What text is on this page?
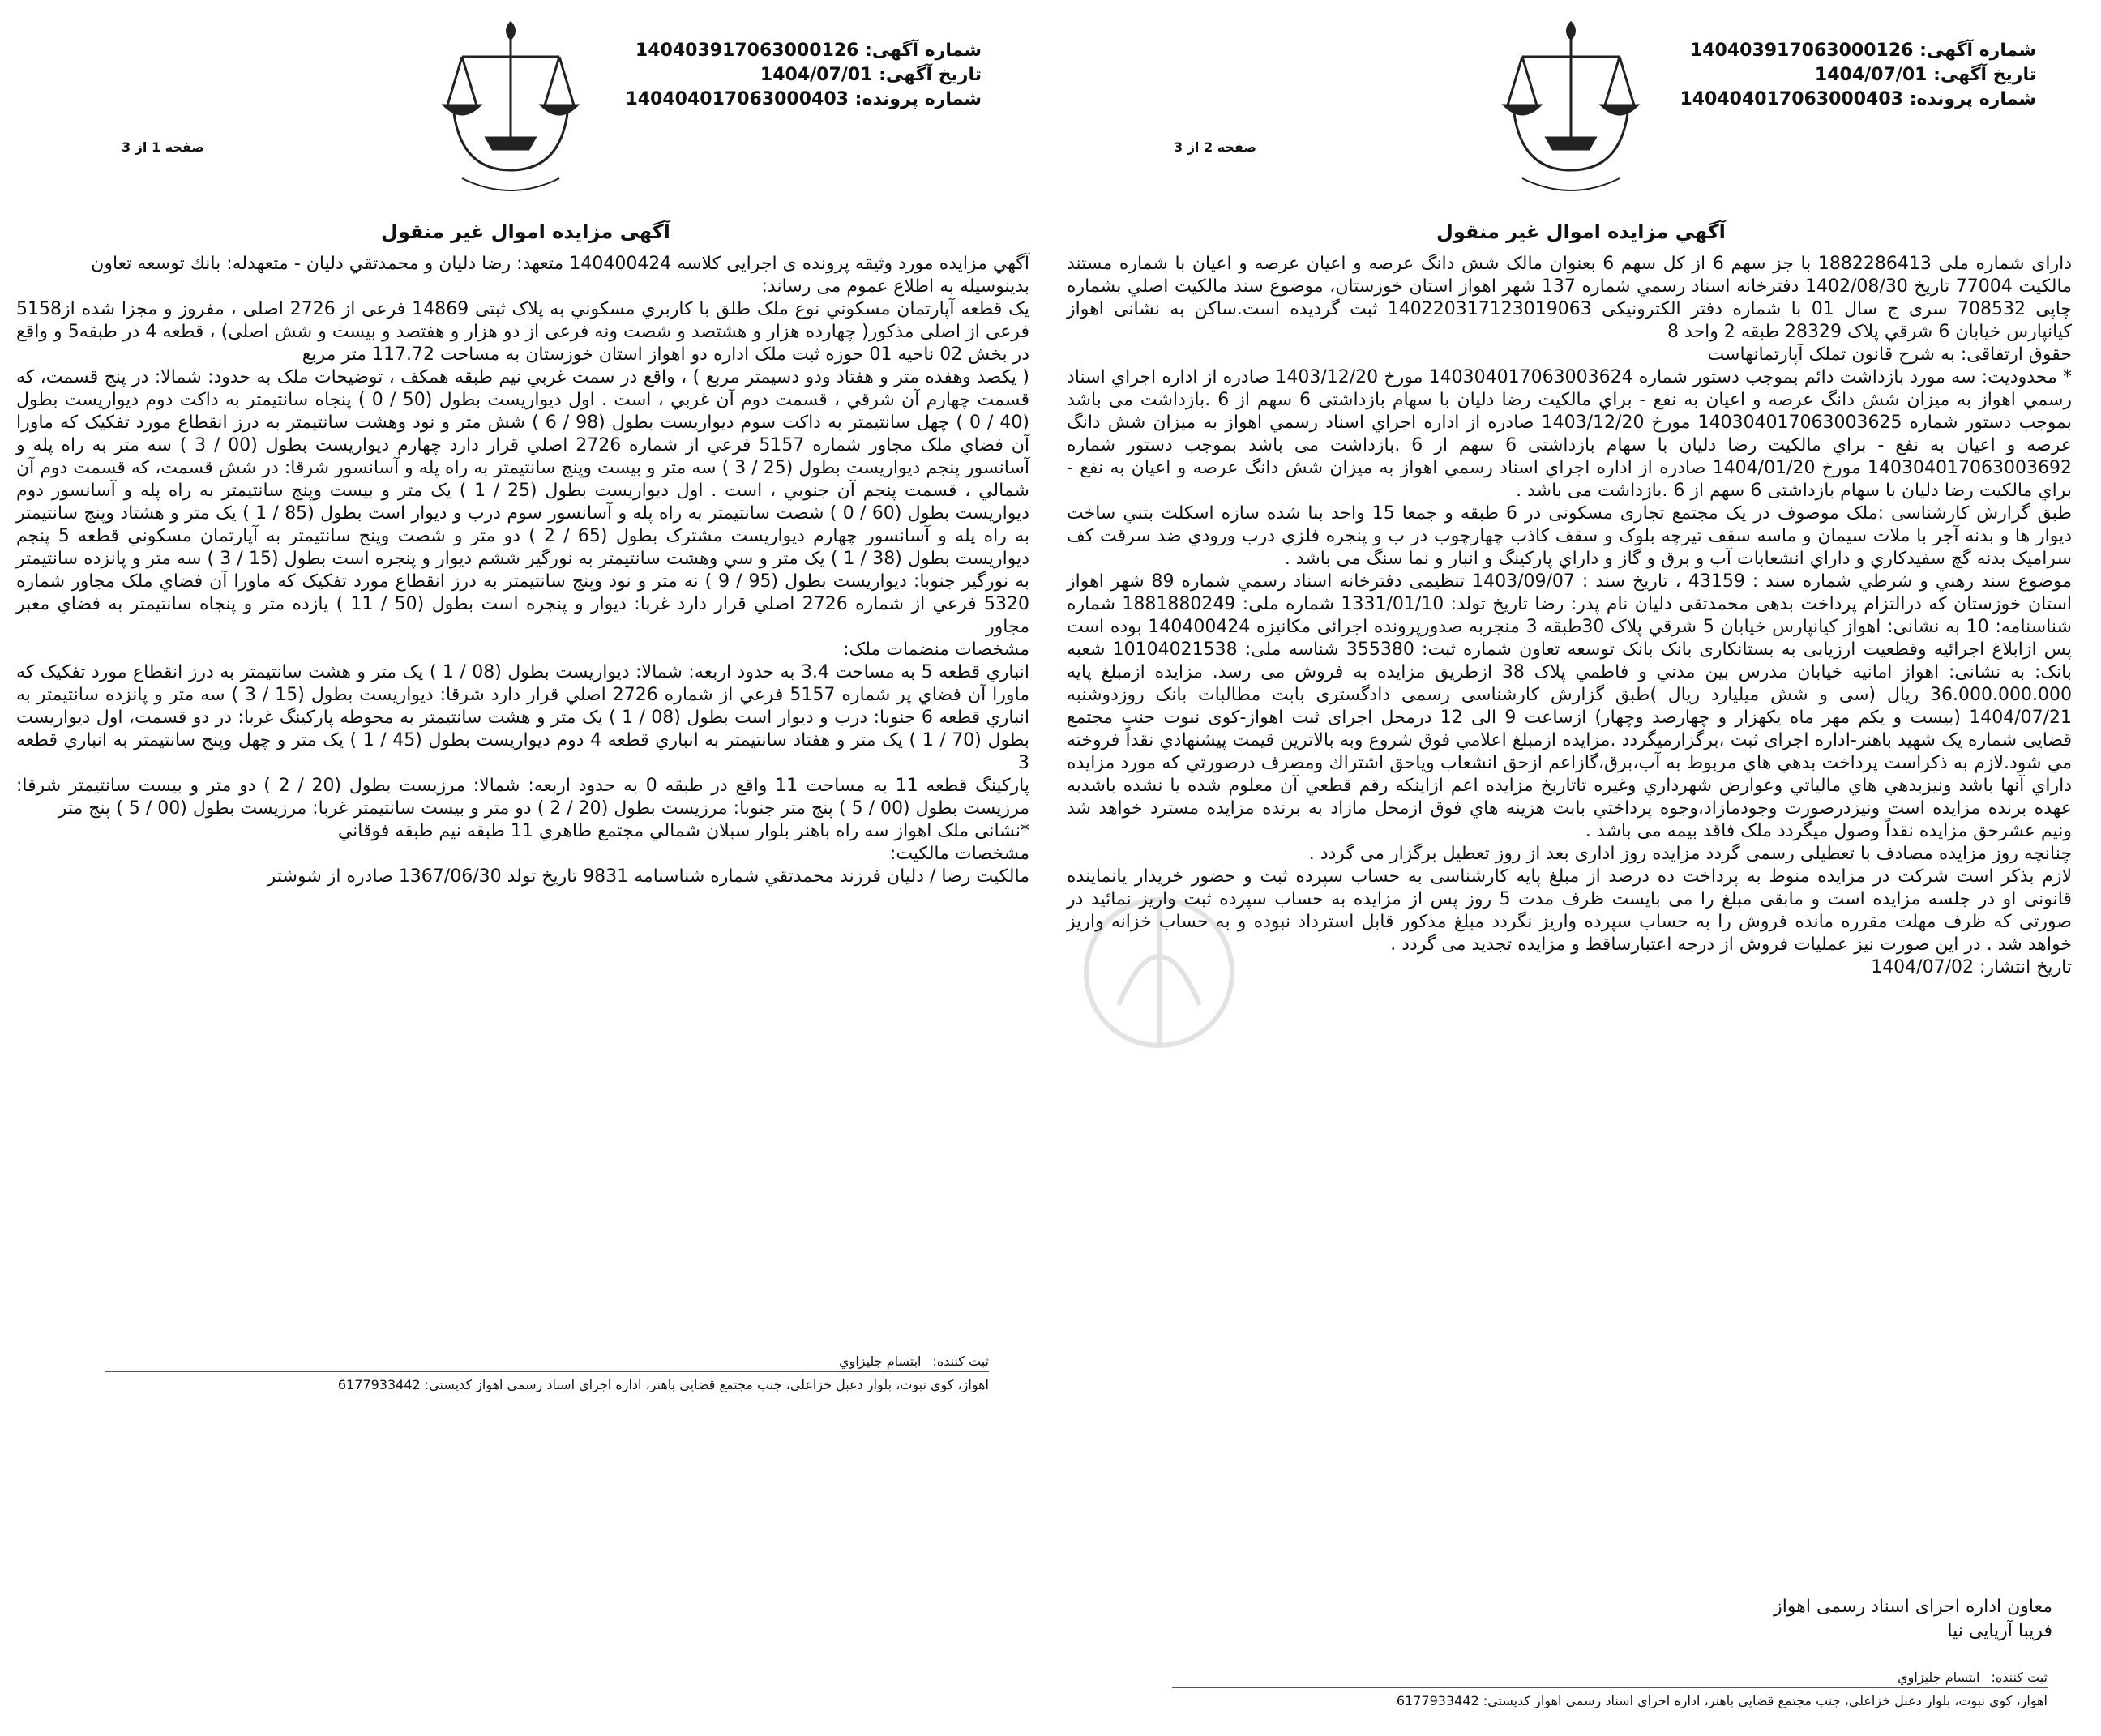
شماره آگهی: 140403917063000126
تاریخ آگهی: 1404/07/01
شماره پرونده: 140404017063000403
صفحه 1 از 3
آگهی مزایده اموال غیر منقول

آگهي مزايده مورد وثيقه پرونده ی اجرايی كلاسه 140400424 متعهد: رضا دليان و محمدتقي دليان - متعهدله: بانك توسعه تعاون

بدينوسيله به اطلاع عموم می رساند:

يک قطعه آپارتمان مسكوني نوع ملک طلق با كاربري مسكوني به پلاک ثبتی 14869 فرعی از 2726 اصلی ، مفروز و مجزا شده از5158 فرعی از اصلی مذكور( چهارده هزار و هشتصد و شصت ونه فرعی از دو هزار و هفتصد و بيست و شش اصلی) ، قطعه 4 در طبقه5 و واقع در بخش 02 ناحيه 01 حوزه ثبت ملک اداره دو اهواز استان خوزستان به مساحت 117.72 متر مربع

( يكصد وهفده متر و هفتاد ودو دسيمتر مربع ) ، واقع در سمت غربي نيم طبقه همكف ، توضيحات ملک به حدود: شمالا: در پنج قسمت، كه قسمت چهارم آن شرقي ، قسمت دوم آن غربي ، است . اول ديواريست بطول (50 / 0 ) پنجاه سانتيمتر به داكت دوم ديواريست بطول (40 / 0 ) چهل سانتيمتر به داكت سوم ديواريست بطول (98 / 6 ) شش متر و نود وهشت سانتيمتر به درز انقطاع مورد تفكيک كه ماورا آن فضاي ملک مجاور شماره 5157 فرعي از شماره 2726 اصلي قرار دارد چهارم ديواريست بطول (00 / 3 ) سه متر به راه پله و آسانسور پنجم ديواريست بطول (25 / 3 ) سه متر و بيست وپنج سانتيمتر به راه پله و آسانسور شرقا: در شش قسمت، كه قسمت دوم آن شمالي ، قسمت پنجم آن جنوبي ، است . اول ديواريست بطول (25 / 1 ) يک متر و بيست وپنج سانتيمتر به راه پله و آسانسور دوم ديواريست بطول (60 / 0 ) شصت سانتيمتر به راه پله و آسانسور سوم درب و ديوار است بطول (85 / 1 ) يک متر و هشتاد وپنج سانتيمتر به راه پله و آسانسور چهارم ديواريست مشترک بطول (65 / 2 ) دو متر و شصت وپنج سانتيمتر به آپارتمان مسكوني قطعه 5 پنجم ديواريست بطول (38 / 1 ) يک متر و سي وهشت سانتيمتر به نورگير ششم ديوار و پنجره است بطول (15 / 3 ) سه متر و پانزده سانتيمتر به نورگير جنوبا: ديواريست بطول (95 / 9 ) نه متر و نود وپنج سانتيمتر به درز انقطاع مورد تفكيک كه ماورا آن فضاي ملک مجاور شماره 5320 فرعي از شماره 2726 اصلي قرار دارد غربا: ديوار و پنجره است بطول (50 / 11 ) يازده متر و پنجاه سانتيمتر به فضاي معبر مجاور

مشخصات منضمات ملک:

انباري قطعه 5 به مساحت 3.4 به حدود اربعه: شمالا: ديواريست بطول (08 / 1 ) يک متر و هشت سانتيمتر به درز انقطاع مورد تفكيک كه ماورا آن فضاي پر شماره 5157 فرعي از شماره 2726 اصلي قرار دارد شرقا: ديواريست بطول (15 / 3 ) سه متر و پانزده سانتيمتر به انباري قطعه 6 جنوبا: درب و ديوار است بطول (08 / 1 ) يک متر و هشت سانتيمتر به محوطه پاركينگ غربا: در دو قسمت، اول ديواريست بطول (70 / 1 ) يک متر و هفتاد سانتيمتر به انباري قطعه 4 دوم ديواريست بطول (45 / 1 ) يک متر و چهل وپنج سانتيمتر به انباري قطعه 3

پاركينگ قطعه 11 به مساحت 11 واقع در طبقه 0 به حدود اربعه: شمالا: مرزيست بطول (20 / 2 ) دو متر و بيست سانتيمتر شرقا: مرزيست بطول (00 / 5 ) پنج متر جنوبا: مرزيست بطول (20 / 2 ) دو متر و بيست سانتيمتر غربا: مرزيست بطول (00 / 5 ) پنج متر

*نشانی ملک اهواز سه راه باهنر بلوار سبلان شمالي مجتمع طاهري 11 طبقه نيم طبقه فوقاني

مشخصات مالكيت:

مالكيت رضا / دليان فرزند محمدتقي شماره شناسنامه 9831 تاريخ تولد 1367/06/30 صادره از شوشتر

ثبت كننده:
ابتسام جليزاوي
اهواز، كوي نبوت، بلوار دعبل خزاعلي، جنب مجتمع قضايي باهنر، اداره اجراي اسناد رسمي اهواز كدپستي: 6177933442
شماره آگهی: 140403917063000126
تاریخ آگهی: 1404/07/01
شماره پرونده: 140404017063000403
صفحه 2 از 3
آگهي مزايده اموال غير منقول

دارای شماره ملی 1882286413 با جز سهم 6 از كل سهم 6 بعنوان مالک شش دانگ عرصه و اعيان عرصه و اعيان با شماره مستند مالكيت 77004 تاريخ 1402/08/30 دفترخانه اسناد رسمي شماره 137 شهر اهواز استان خوزستان، موضوع سند مالكيت اصلي بشماره چاپی 708532 سری ج سال 01 با شماره دفتر الكترونيكی 140220317123019063 ثبت گرديده است.ساكن به نشانی اهواز كيانپارس خيابان 6 شرقي پلاک 28329 طبقه 2 واحد 8

حقوق ارتفاقی: به شرح قانون تملک آپارتمانهاست

* محدوديت: سه مورد بازداشت دائم بموجب دستور شماره 140304017063003624 مورخ 1403/12/20 صادره از اداره اجراي اسناد رسمي اهواز به ميزان شش دانگ عرصه و اعيان به نفع - براي مالكيت رضا دليان با سهام بازداشتی 6 سهم از 6 .بازداشت می باشد بموجب دستور شماره 140304017063003625 مورخ 1403/12/20 صادره از اداره اجراي اسناد رسمي اهواز به ميزان شش دانگ عرصه و اعيان به نفع - براي مالكيت رضا دليان با سهام بازداشتی 6 سهم از 6 .بازداشت می باشد بموجب دستور شماره 140304017063003692 مورخ 1404/01/20 صادره از اداره اجراي اسناد رسمي اهواز به ميزان شش دانگ عرصه و اعيان به نفع - براي مالكيت رضا دليان با سهام بازداشتی 6 سهم از 6 .بازداشت می باشد .

طبق گزارش كارشناسی :ملک موصوف در يک مجتمع تجاری مسكونی در 6 طبقه و جمعا 15 واحد بنا شده سازه اسكلت بتني ساخت ديوار ها و بدنه آجر با ملات سيمان و ماسه سقف تيرچه بلوک و سقف كاذب چهارچوب در ب و پنجره فلزي درب ورودي ضد سرقت كف سراميک بدنه گچ سفيدكاري و داراي انشعابات آب و برق و گاز و داراي پاركينگ و انبار و نما سنگ می باشد .

موضوع سند رهني و شرطي شماره سند : 43159 ، تاريخ سند : 1403/09/07 تنظيمی دفترخانه اسناد رسمي شماره 89 شهر اهواز استان خوزستان كه درالتزام پرداخت بدهی محمدتقی دليان نام پدر: رضا تاريخ تولد: 1331/01/10 شماره ملی: 1881880249 شماره شناسنامه: 10 به نشانی: اهواز كيانپارس خيابان 5 شرقي پلاک 30طبقه 3 منجربه صدورپرونده اجرائی مكانيزه 140400424 بوده است پس ازابلاغ اجرائيه وقطعيت ارزيابی به بستانكاری بانک بانک توسعه تعاون شماره ثبت: 355380 شناسه ملی: 10104021538 شعبه بانک: به نشانی: اهواز امانيه خيابان مدرس بين مدني و فاطمي پلاک 38 ازطريق مزايده به فروش می رسد. مزايده ازمبلغ پايه 36.000.000.000 ريال (سی و شش ميليارد ريال )طبق گزارش كارشناسی رسمی دادگستری بابت مطالبات بانک روزدوشنبه 1404/07/21 (بيست و يكم مهر ماه يكهزار و چهارصد وچهار) ازساعت 9 الی 12 درمحل اجرای ثبت اهواز-كوی نبوت جنب مجتمع قضايی شماره يک شهيد باهنر-اداره اجرای ثبت ،برگزارميگردد .مزايده ازمبلغ اعلامي فوق شروع وبه بالاترين قيمت پيشنهادي نقداً فروخته مي شود.لازم به ذكراست پرداخت بدهي هاي مربوط به آب،برق،گازاعم ازحق انشعاب وياحق اشتراك ومصرف درصورتي كه مورد مزايده داراي آنها باشد ونيزبدهي هاي مالياتي وعوارض شهرداري وغيره تاتاريخ مزايده اعم ازاينكه رقم قطعي آن معلوم شده يا نشده باشدبه عهده برنده مزايده است ونيزدرصورت وجودمازاد،وجوه پرداختي بابت هزينه هاي فوق ازمحل مازاد به برنده مزايده مسترد خواهد شد ونيم عشرحق مزايده نقداً وصول ميگردد ملک فاقد بيمه می باشد .

چنانچه روز مزايده مصادف با تعطيلی رسمی گردد مزايده روز اداری بعد از روز تعطيل برگزار می گردد .

لازم بذكر است شركت در مزايده منوط به پرداخت ده درصد از مبلغ پايه كارشناسی به حساب سپرده ثبت و حضور خريدار يانماينده قانونی او در جلسه مزايده است و مابقی مبلغ را می بايست ظرف مدت 5 روز پس از مزايده به حساب سپرده ثبت واريز نمائيد در صورتی كه ظرف مهلت مقرره مانده فروش را به حساب سپرده واريز نگردد مبلغ مذكور قابل استرداد نبوده و به حساب خزانه واريز خواهد شد . در اين صورت نيز عمليات فروش از درجه اعتبارساقط و مزايده تجديد می گردد .

تاريخ انتشار: 1404/07/02

معاون اداره اجرای اسناد رسمی اهواز
فريبا آريايی نيا
ثبت كننده:
ابتسام جليزاوي
اهواز، كوي نبوت، بلوار دعبل خزاعلي، جنب مجتمع قضايي باهنر، اداره اجراي اسناد رسمي اهواز كدپستي: 6177933442
